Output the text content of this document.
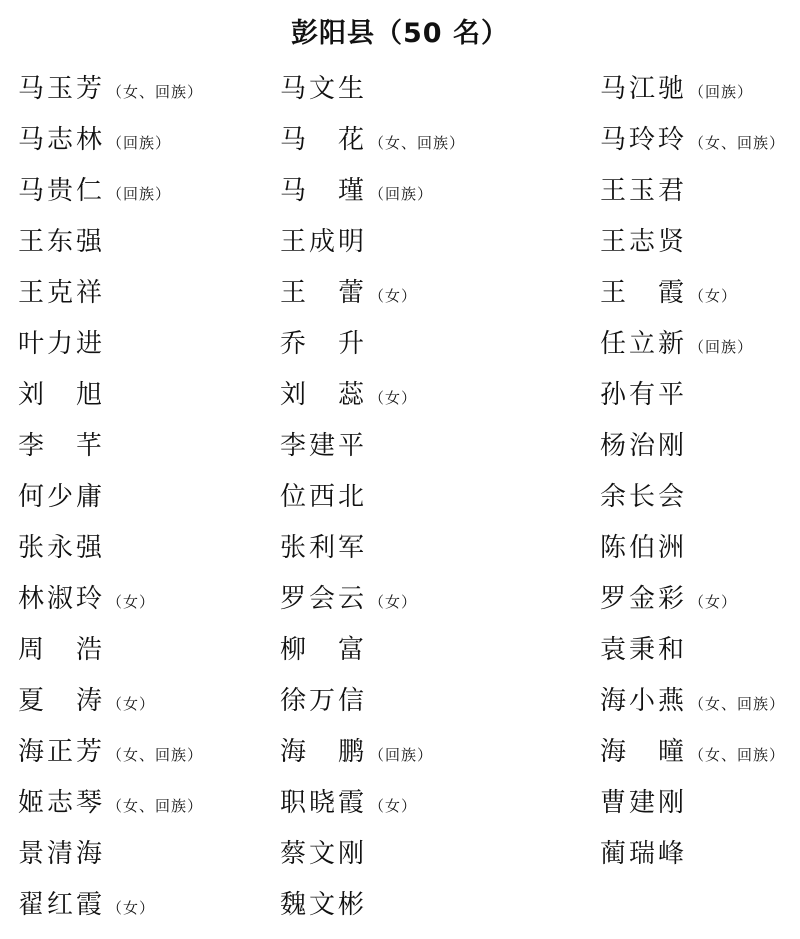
彭阳县（50 名）
马玉芳 （女、回族）	马文生	马江驰 （回族）
马志林 （回族）	马　花 （女、回族）	马玲玲 （女、回族）
马贵仁 （回族）	马　瑾 （回族）	王玉君
王东强	王成明	王志贤
王克祥	王　蕾 （女）	王　霞 （女）
叶力进	乔　升	任立新 （回族）
刘　旭	刘　蕊 （女）	孙有平
李　芊	李建平	杨治刚
何少庸	位西北	余长会
张永强	张利军	陈伯洲
林淑玲 （女）	罗会云 （女）	罗金彩 （女）
周　浩	柳　富	袁秉和
夏　涛 （女）	徐万信	海小燕 （女、回族）
海正芳 （女、回族）	海　鹏 （回族）	海　曈 （女、回族）
姬志琴 （女、回族）	职晓霞 （女）	曹建刚
景清海	蔡文刚	蔺瑞峰
翟红霞 （女）	魏文彬
